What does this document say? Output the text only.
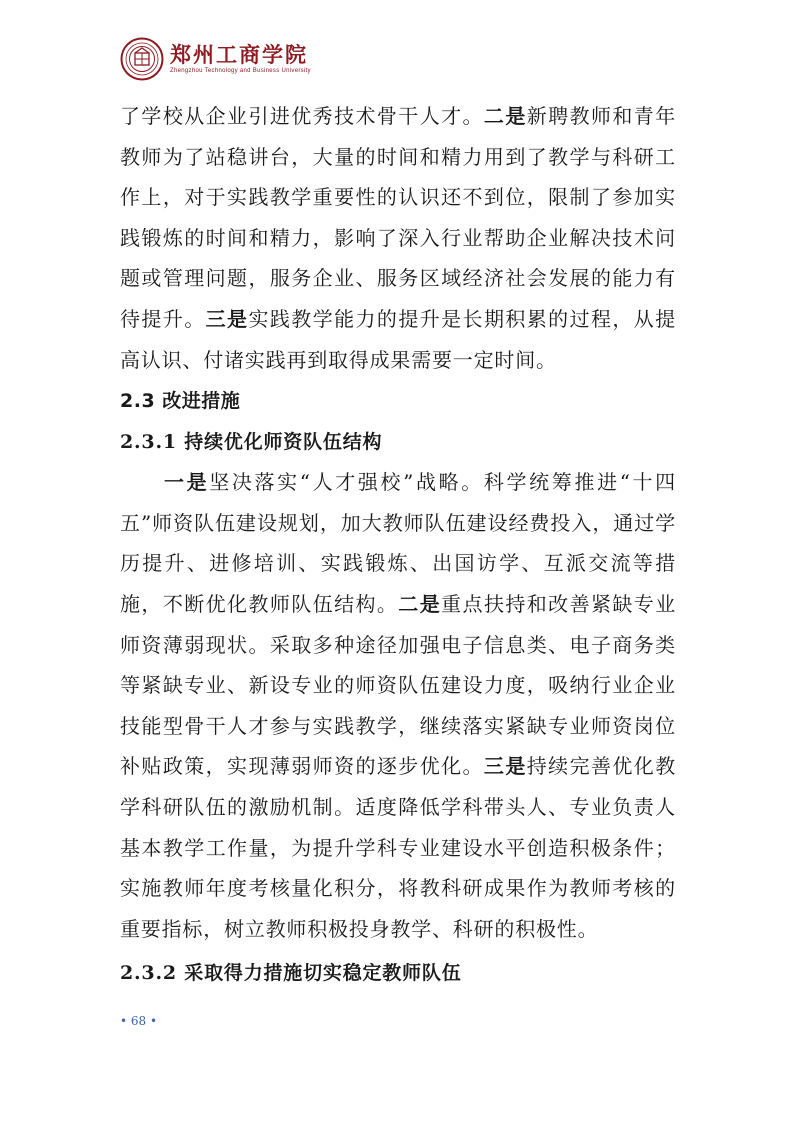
郑州工商学院
Zhengzhou Technology and Business University

了学校从企业引进优秀技术骨干人才。二是新聘教师和青年教师为了站稳讲台，大量的时间和精力用到了教学与科研工作上，对于实践教学重要性的认识还不到位，限制了参加实践锻炼的时间和精力，影响了深入行业帮助企业解决技术问题或管理问题，服务企业、服务区域经济社会发展的能力有待提升。三是实践教学能力的提升是长期积累的过程，从提高认识、付诸实践再到取得成果需要一定时间。

2.3 改进措施
2.3.1 持续优化师资队伍结构

一是坚决落实“人才强校”战略。科学统筹推进“十四五”师资队伍建设规划，加大教师队伍建设经费投入，通过学历提升、进修培训、实践锻炼、出国访学、互派交流等措施，不断优化教师队伍结构。二是重点扶持和改善紧缺专业师资薄弱现状。采取多种途径加强电子信息类、电子商务类等紧缺专业、新设专业的师资队伍建设力度，吸纳行业企业技能型骨干人才参与实践教学，继续落实紧缺专业师资岗位补贴政策，实现薄弱师资的逐步优化。三是持续完善优化教学科研队伍的激励机制。适度降低学科带头人、专业负责人基本教学工作量，为提升学科专业建设水平创造积极条件；实施教师年度考核量化积分，将教科研成果作为教师考核的重要指标，树立教师积极投身教学、科研的积极性。

2.3.2 采取得力措施切实稳定教师队伍
• 68 •
